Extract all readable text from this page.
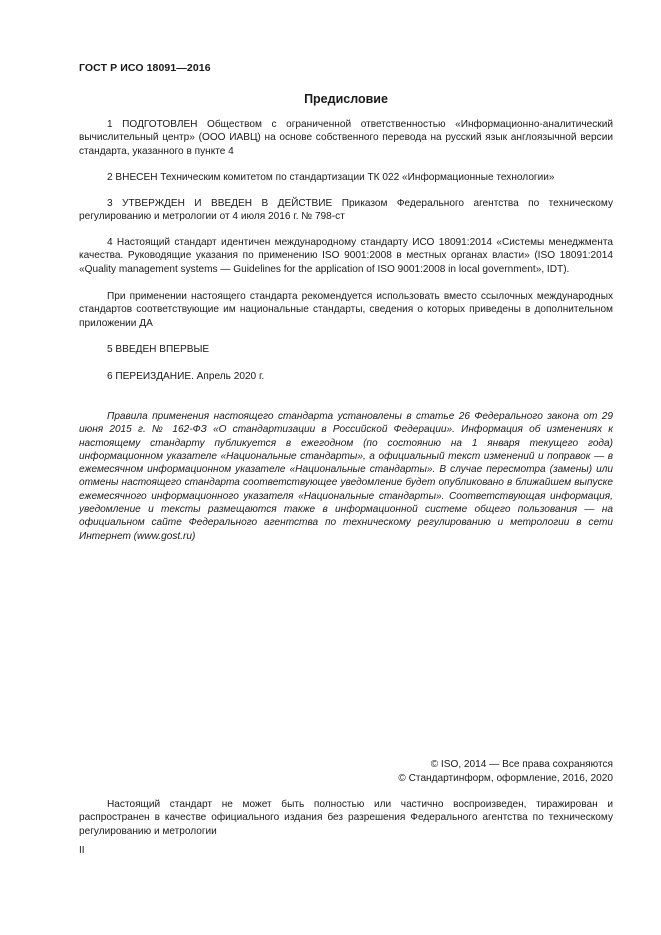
ГОСТ Р ИСО 18091—2016
Предисловие

1 ПОДГОТОВЛЕН Обществом с ограниченной ответственностью «Информационно-аналитический вычислительный центр» (ООО ИАВЦ) на основе собственного перевода на русский язык англоязычной версии стандарта, указанного в пункте 4

2 ВНЕСЕН Техническим комитетом по стандартизации ТК 022 «Информационные технологии»

3 УТВЕРЖДЕН И ВВЕДЕН В ДЕЙСТВИЕ Приказом Федерального агентства по техническому регулированию и метрологии от 4 июля 2016 г. № 798-ст

4 Настоящий стандарт идентичен международному стандарту ИСО 18091:2014 «Системы менеджмента качества. Руководящие указания по применению ISO 9001:2008 в местных органах власти» (ISO 18091:2014 «Quality management systems — Guidelines for the application of ISO 9001:2008 in local government», IDT).

При применении настоящего стандарта рекомендуется использовать вместо ссылочных международных стандартов соответствующие им национальные стандарты, сведения о которых приведены в дополнительном приложении ДА

5 ВВЕДЕН ВПЕРВЫЕ

6 ПЕРЕИЗДАНИЕ. Апрель 2020 г.

Правила применения настоящего стандарта установлены в статье 26 Федерального закона от 29 июня 2015 г. № 162-ФЗ «О стандартизации в Российской Федерации». Информация об изменениях к настоящему стандарту публикуется в ежегодном (по состоянию на 1 января текущего года) информационном указателе «Национальные стандарты», а официальный текст изменений и поправок — в ежемесячном информационном указателе «Национальные стандарты». В случае пересмотра (замены) или отмены настоящего стандарта соответствующее уведомление будет опубликовано в ближайшем выпуске ежемесячного информационного указателя «Национальные стандарты». Соответствующая информация, уведомление и тексты размещаются также в информационной системе общего пользования — на официальном сайте Федерального агентства по техническому регулированию и метрологии в сети Интернет (www.gost.ru)

© ISO, 2014 — Все права сохраняются
© Стандартинформ, оформление, 2016, 2020

Настоящий стандарт не может быть полностью или частично воспроизведен, тиражирован и распространен в качестве официального издания без разрешения Федерального агентства по техническому регулированию и метрологии

II
